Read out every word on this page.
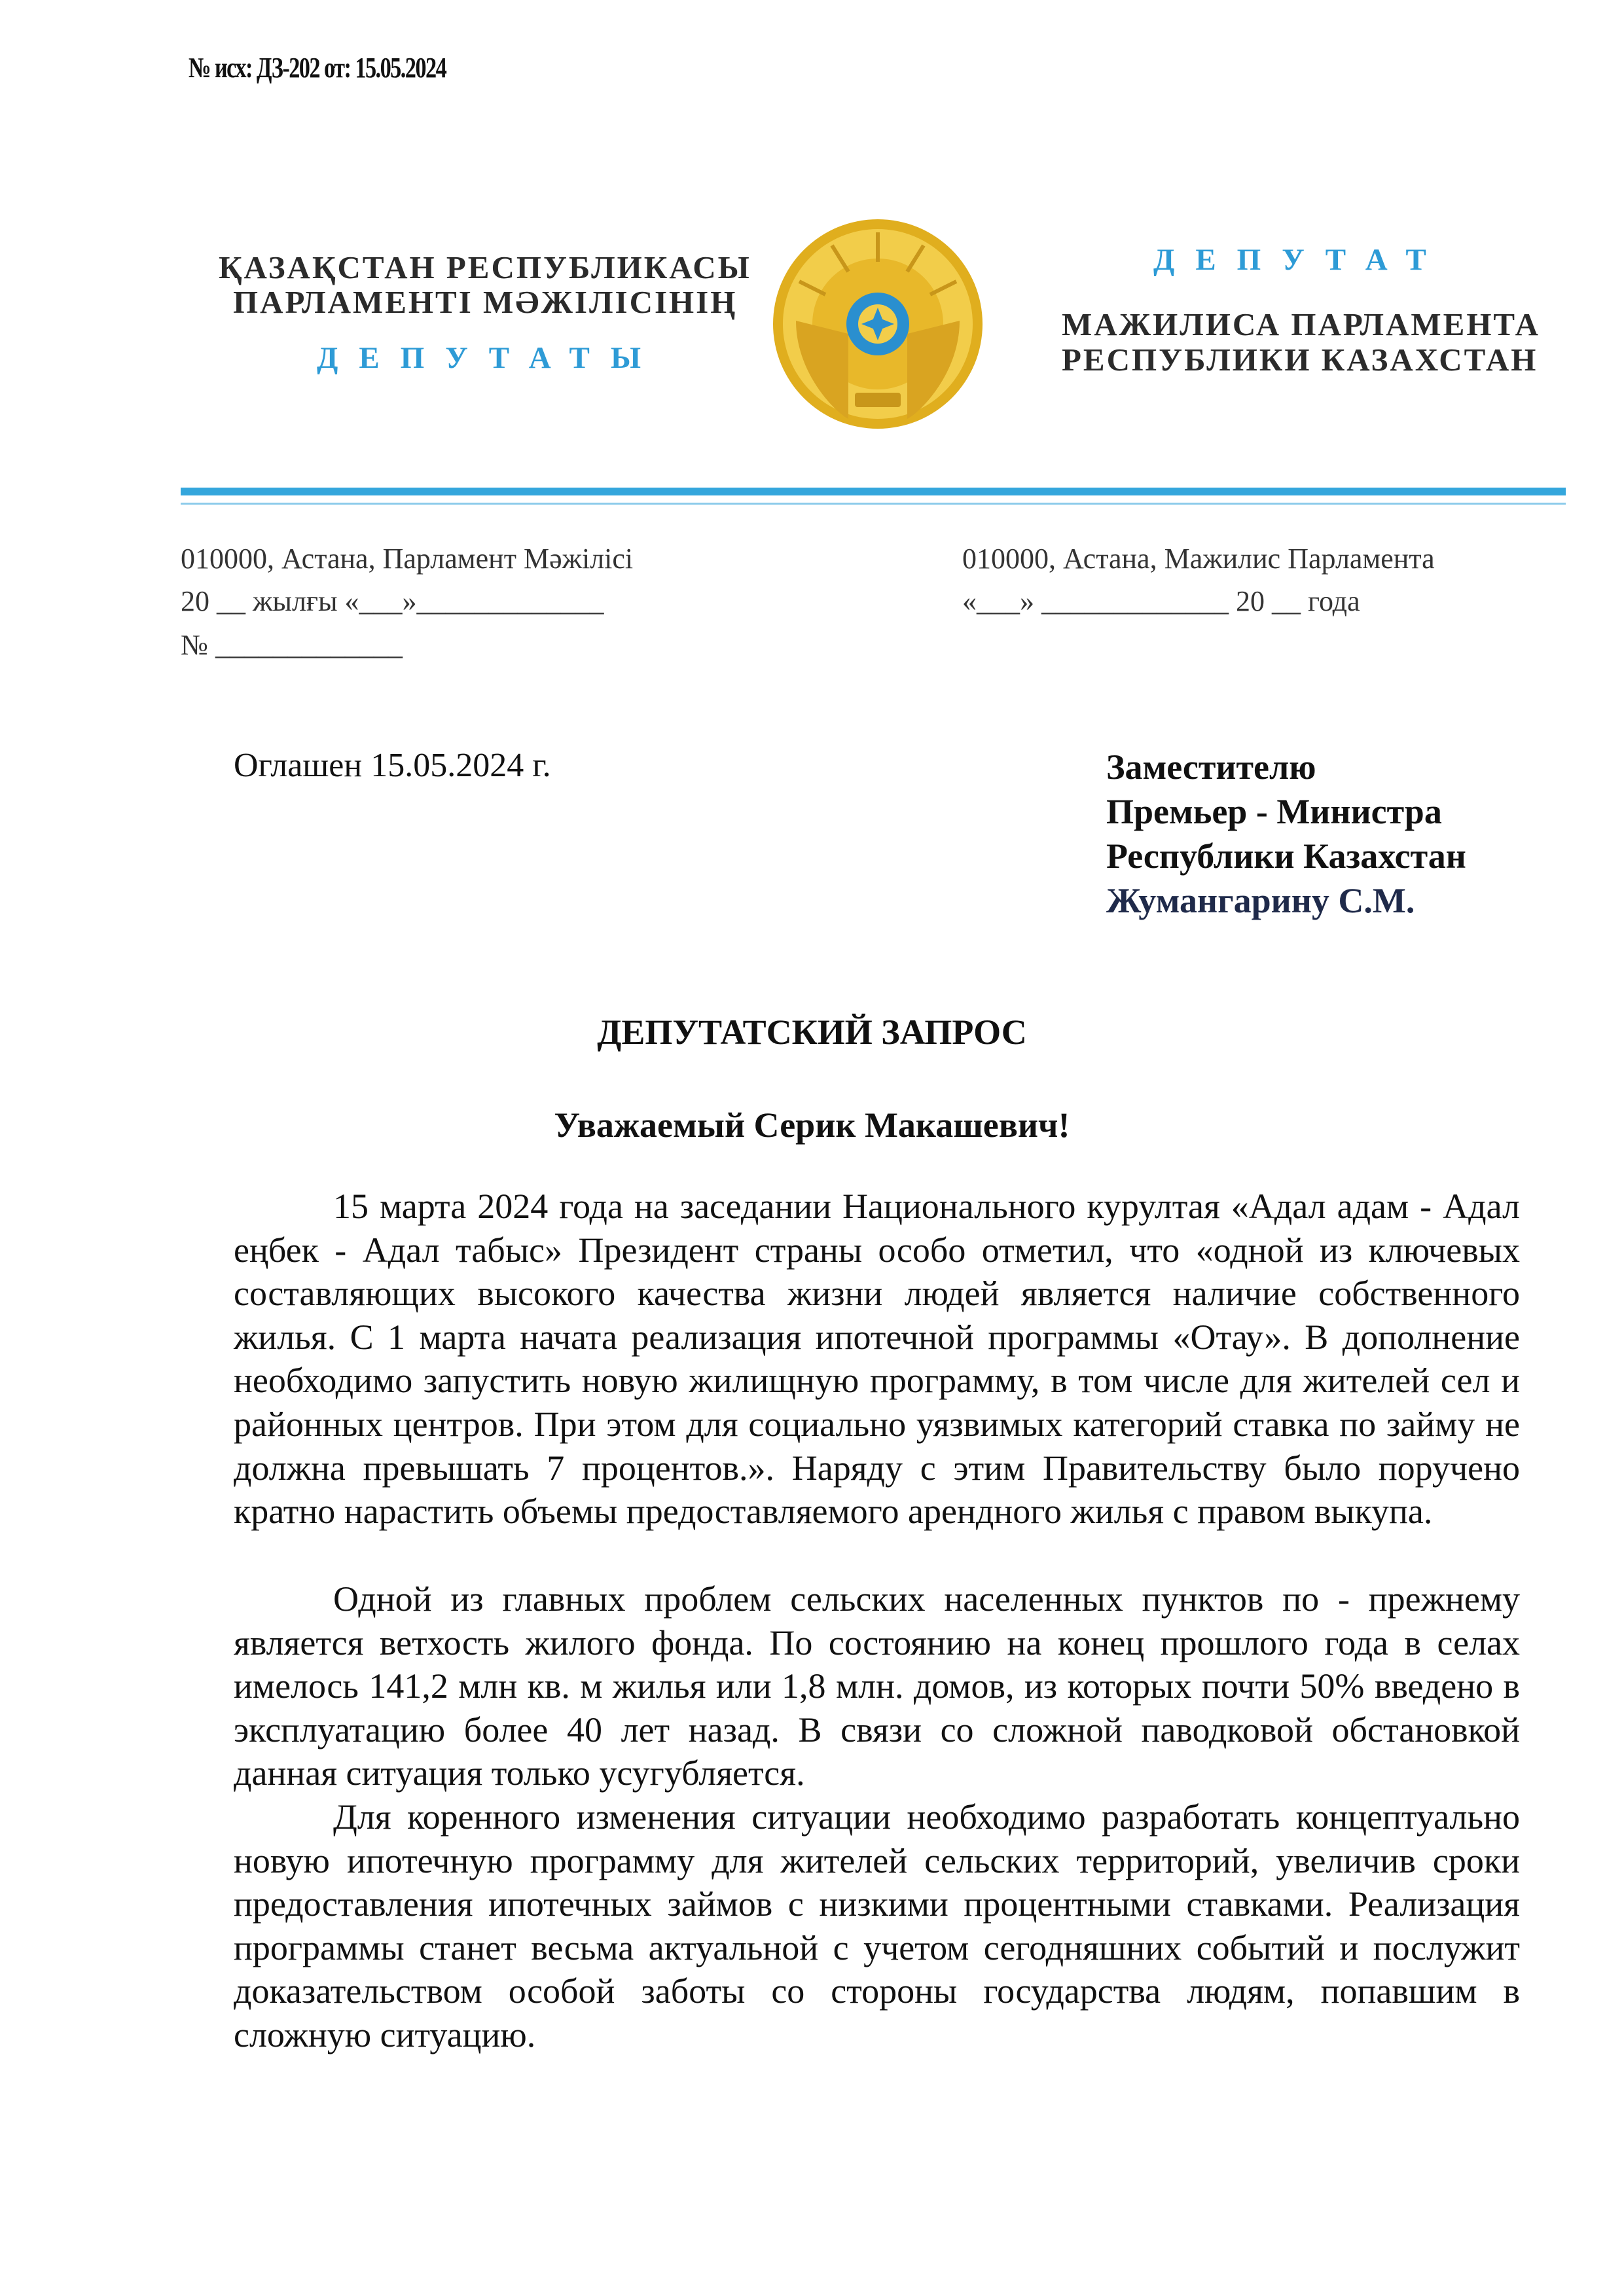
№ исх: ДЗ-202 от: 15.05.2024
ҚАЗАҚСТАН РЕСПУБЛИКАСЫ
ПАРЛАМЕНТІ МӘЖІЛІСІНІҢ
ДЕПУТАТЫ
ДЕПУТАТ
МАЖИЛИСА ПАРЛАМЕНТА
РЕСПУБЛИКИ КАЗАХСТАН
010000, Астана, Парламент Мәжілісі
20 __ жылғы «___»_____________
№ _____________
010000, Астана, Мажилис Парламента
«___» _____________ 20 __ года
Оглашен 15.05.2024 г.	Заместителю
Премьер - Министра
Республики Казахстан
Жумангарину С.М.
ДЕПУТАТСКИЙ ЗАПРОС
Уважаемый Серик Макашевич!
15 марта 2024 года на заседании Национального курултая «Адал адам - Адал еңбек - Адал табыс» Президент страны особо отметил, что «одной из ключевых составляющих высокого качества жизни людей является наличие собственного жилья. С 1 марта начата реализация ипотечной программы «Отау». В дополнение необходимо запустить новую жилищную программу, в том числе для жителей сел и районных центров. При этом для социально уязвимых категорий ставка по займу не должна превышать 7 процентов.». Наряду с этим Правительству было поручено кратно нарастить объемы предоставляемого арендного жилья с правом выкупа.
Одной из главных проблем сельских населенных пунктов по - прежнему является ветхость жилого фонда. По состоянию на конец прошлого года в селах имелось 141,2 млн кв. м жилья или 1,8 млн. домов, из которых почти 50% введено в эксплуатацию более 40 лет назад. В связи со сложной паводковой обстановкой данная ситуация только усугубляется.
Для коренного изменения ситуации необходимо разработать концептуально новую ипотечную программу для жителей сельских территорий, увеличив сроки предоставления ипотечных займов с низкими процентными ставками. Реализация программы станет весьма актуальной с учетом сегодняшних событий и послужит доказательством особой заботы со стороны государства людям, попавшим в сложную ситуацию.
